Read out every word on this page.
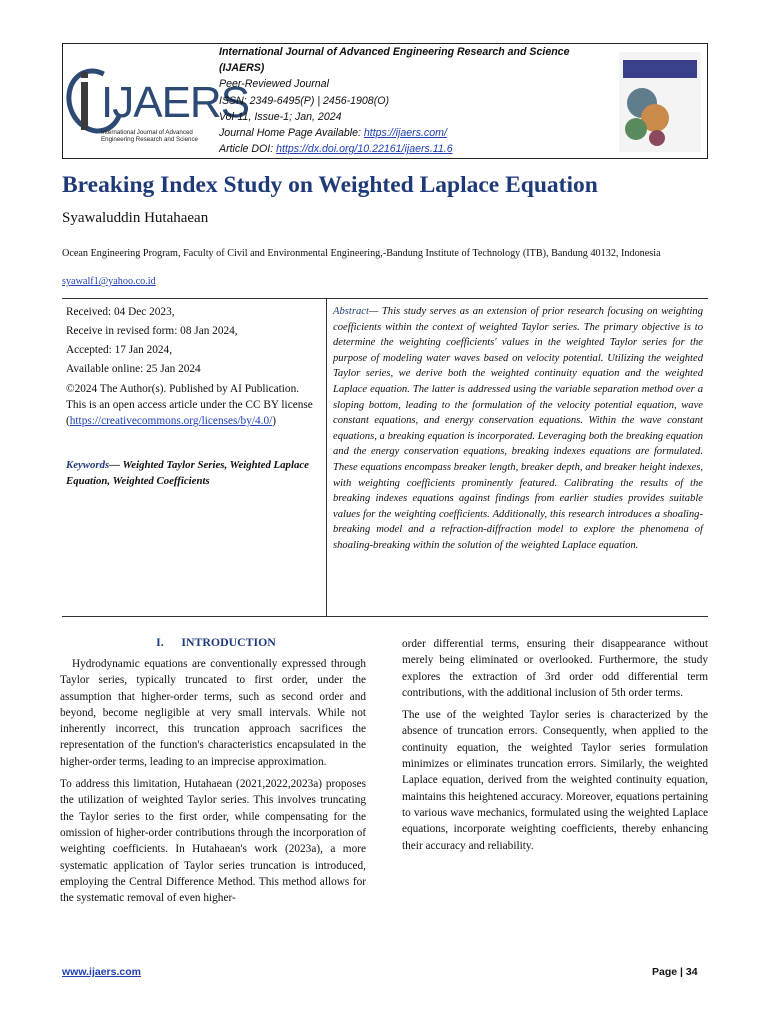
IJAERS
International Journal of Advanced Engineering Research and Science
International Journal of Advanced Engineering Research and Science
(IJAERS)
Peer-Reviewed Journal
ISSN: 2349-6495(P) | 2456-1908(O)
Vol-11, Issue-1; Jan, 2024
Journal Home Page Available: https://ijaers.com/
Article DOI: https://dx.doi.org/10.22161/ijaers.11.6
Breaking Index Study on Weighted Laplace Equation
Syawaluddin Hutahaean
Ocean Engineering Program, Faculty of Civil and Environmental Engineering,-Bandung Institute of Technology (ITB), Bandung 40132, Indonesia
syawalf1@yahoo.co.id
Received: 04 Dec 2023,
Receive in revised form: 08 Jan 2024,
Accepted: 17 Jan 2024,
Available online: 25 Jan 2024
©2024 The Author(s). Published by AI Publication. This is an open access article under the CC BY license (https://creativecommons.org/licenses/by/4.0/)
Keywords— Weighted Taylor Series, Weighted Laplace Equation, Weighted Coefficients
Abstract— This study serves as an extension of prior research focusing on weighting coefficients within the context of weighted Taylor series. The primary objective is to determine the weighting coefficients' values in the weighted Taylor series for the purpose of modeling water waves based on velocity potential. Utilizing the weighted Taylor series, we derive both the weighted continuity equation and the weighted Laplace equation. The latter is addressed using the variable separation method over a sloping bottom, leading to the formulation of the velocity potential equation, wave constant equations, and energy conservation equations. Within the wave constant equations, a breaking equation is incorporated. Leveraging both the breaking equation and the energy conservation equations, breaking indexes equations are formulated. These equations encompass breaker length, breaker depth, and breaker height indexes, with weighting coefficients prominently featured. Calibrating the results of the breaking indexes equations against findings from earlier studies provides suitable values for the weighting coefficients. Additionally, this research introduces a shoaling-breaking model and a refraction-diffraction model to explore the phenomena of shoaling-breaking within the solution of the weighted Laplace equation.
I. INTRODUCTION

Hydrodynamic equations are conventionally expressed through Taylor series, typically truncated to first order, under the assumption that higher-order terms, such as second order and beyond, become negligible at very small intervals. While not inherently incorrect, this truncation approach sacrifices the representation of the function's characteristics encapsulated in the higher-order terms, leading to an imprecise approximation.

To address this limitation, Hutahaean (2021,2022,2023a) proposes the utilization of weighted Taylor series. This involves truncating the Taylor series to the first order, while compensating for the omission of higher-order contributions through the incorporation of weighting coefficients. In Hutahaean's work (2023a), a more systematic application of Taylor series truncation is introduced, employing the Central Difference Method. This method allows for the systematic removal of even higher-

order differential terms, ensuring their disappearance without merely being eliminated or overlooked. Furthermore, the study explores the extraction of 3rd order odd differential term contributions, with the additional inclusion of 5th order terms.

The use of the weighted Taylor series is characterized by the absence of truncation errors. Consequently, when applied to the continuity equation, the weighted Taylor series formulation minimizes or eliminates truncation errors. Similarly, the weighted Laplace equation, derived from the weighted continuity equation, maintains this heightened accuracy. Moreover, equations pertaining to various wave mechanics, formulated using the weighted Laplace equations, incorporate weighting coefficients, thereby enhancing their accuracy and reliability.

www.ijaers.com	Page | 34
